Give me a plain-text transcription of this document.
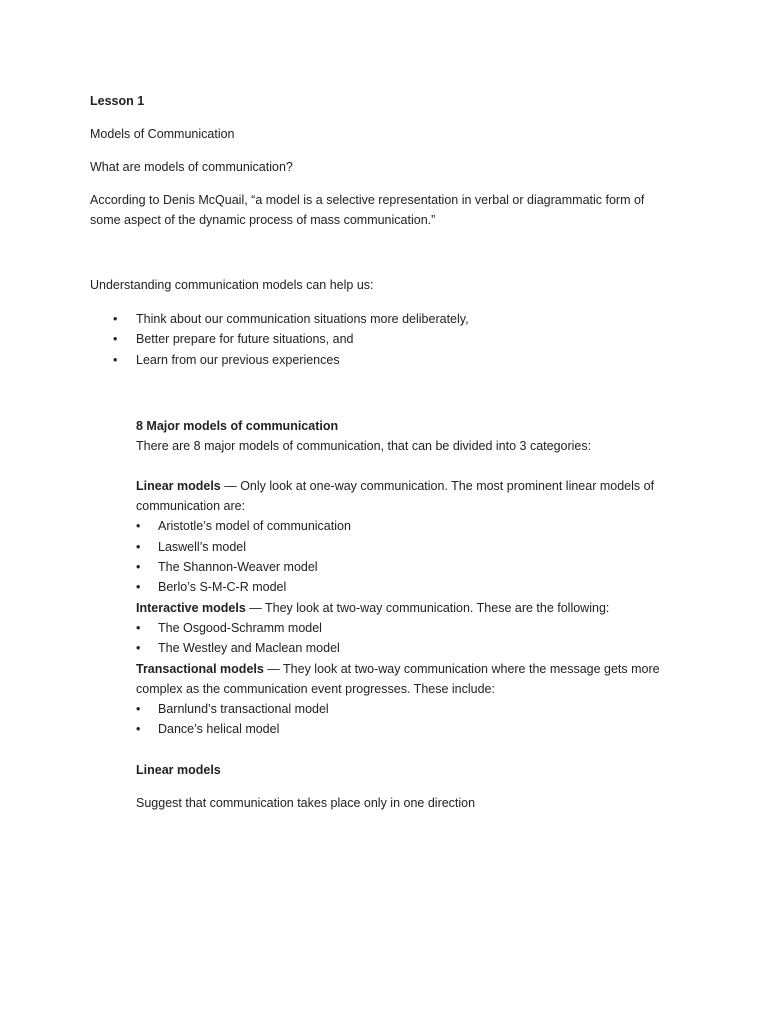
Lesson 1
Models of Communication
What are models of communication?
According to Denis McQuail, “a model is a selective representation in verbal or diagrammatic form of some aspect of the dynamic process of mass communication.”
Understanding communication models can help us:
• Think about our communication situations more deliberately,
• Better prepare for future situations, and
• Learn from our previous experiences
8 Major models of communication
There are 8 major models of communication, that can be divided into 3 categories:
Linear models — Only look at one-way communication. The most prominent linear models of
communication are:
• Aristotle’s model of communication
• Laswell’s model
• The Shannon-Weaver model
• Berlo’s S-M-C-R model
Interactive models — They look at two-way communication. These are the following:
• The Osgood-Schramm model
• The Westley and Maclean model
Transactional models — They look at two-way communication where the message gets more
complex as the communication event progresses. These include:
• Barnlund’s transactional model
• Dance’s helical model
Linear models
Suggest that communication takes place only in one direction
